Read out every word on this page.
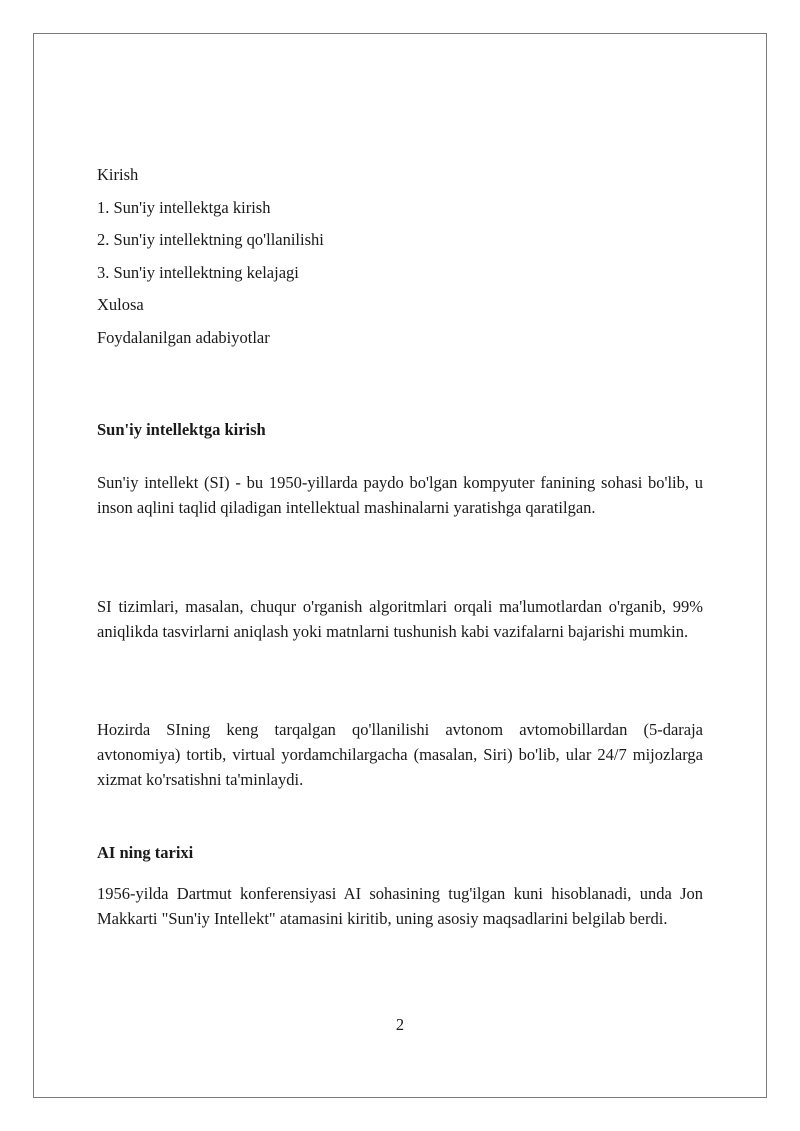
Kirish
1. Sun'iy intellektga kirish
2. Sun'iy intellektning qo'llanilishi
3. Sun'iy intellektning kelajagi
Xulosa
Foydalanilgan adabiyotlar
Sun'iy intellektga kirish
Sun'iy intellekt (SI) - bu 1950-yillarda paydo bo'lgan kompyuter fanining sohasi bo'lib, u inson aqlini taqlid qiladigan intellektual mashinalarni yaratishga qaratilgan.
SI tizimlari, masalan, chuqur o'rganish algoritmlari orqali ma'lumotlardan o'rganib, 99% aniqlikda tasvirlarni aniqlash yoki matnlarni tushunish kabi vazifalarni bajarishi mumkin.
Hozirda SIning keng tarqalgan qo'llanilishi avtonom avtomobillardan (5-daraja avtonomiya) tortib, virtual yordamchilargacha (masalan, Siri) bo'lib, ular 24/7 mijozlarga xizmat ko'rsatishni ta'minlaydi.
AI ning tarixi
1956-yilda Dartmut konferensiyasi AI sohasining tug'ilgan kuni hisoblanadi, unda Jon Makkarti "Sun'iy Intellekt" atamasini kiritib, uning asosiy maqsadlarini belgilab berdi.
2
